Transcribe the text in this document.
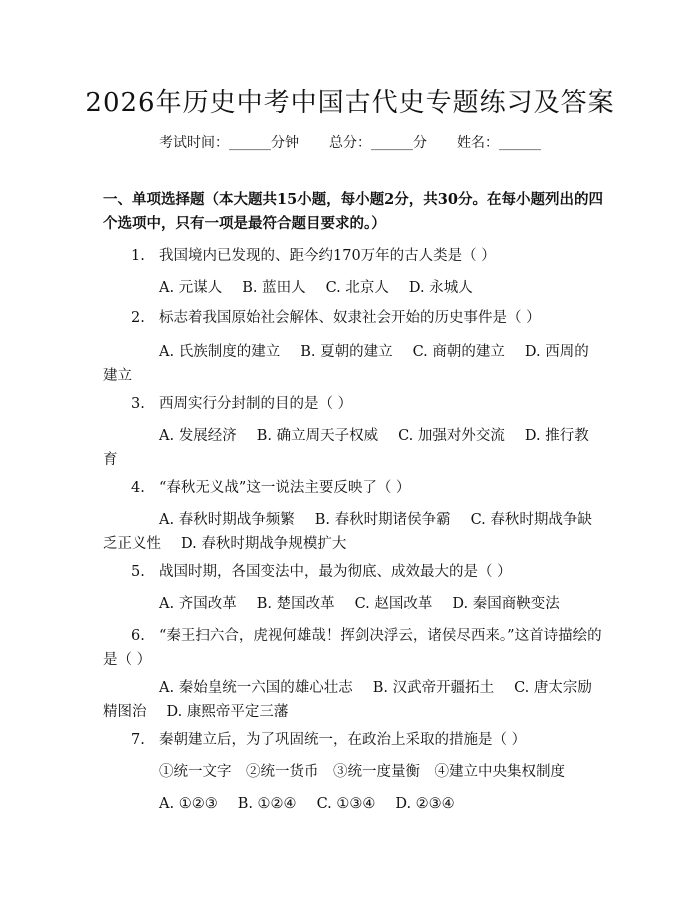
2026年历史中考中国古代史专题练习及答案
考试时间：______分钟 总分：______分 姓名：______
一、单项选择题（本大题共15小题，每小题2分，共30分。在每小题列出的四个选项中，只有一项是最符合题目要求的。）
1. 我国境内已发现的、距今约170万年的古人类是（ ）
A. 元谋人 B. 蓝田人 C. 北京人 D. 永城人
2. 标志着我国原始社会解体、奴隶社会开始的历史事件是（ ）
A. 氏族制度的建立 B. 夏朝的建立 C. 商朝的建立 D. 西周的建立
3. 西周实行分封制的目的是（ ）
A. 发展经济 B. 确立周天子权威 C. 加强对外交流 D. 推行教育
4. “春秋无义战”这一说法主要反映了（ ）
A. 春秋时期战争频繁 B. 春秋时期诸侯争霸 C. 春秋时期战争缺乏正义性 D. 春秋时期战争规模扩大
5. 战国时期，各国变法中，最为彻底、成效最大的是（ ）
A. 齐国改革 B. 楚国改革 C. 赵国改革 D. 秦国商鞅变法
6. “秦王扫六合，虎视何雄哉！挥剑决浮云，诸侯尽西来。”这首诗描绘的是（ ）
A. 秦始皇统一六国的雄心壮志 B. 汉武帝开疆拓土 C. 唐太宗励精图治 D. 康熙帝平定三藩
7. 秦朝建立后，为了巩固统一，在政治上采取的措施是（ ）
①统一文字　②统一货币　③统一度量衡　④建立中央集权制度
A. ①②③ B. ①②④ C. ①③④ D. ②③④
